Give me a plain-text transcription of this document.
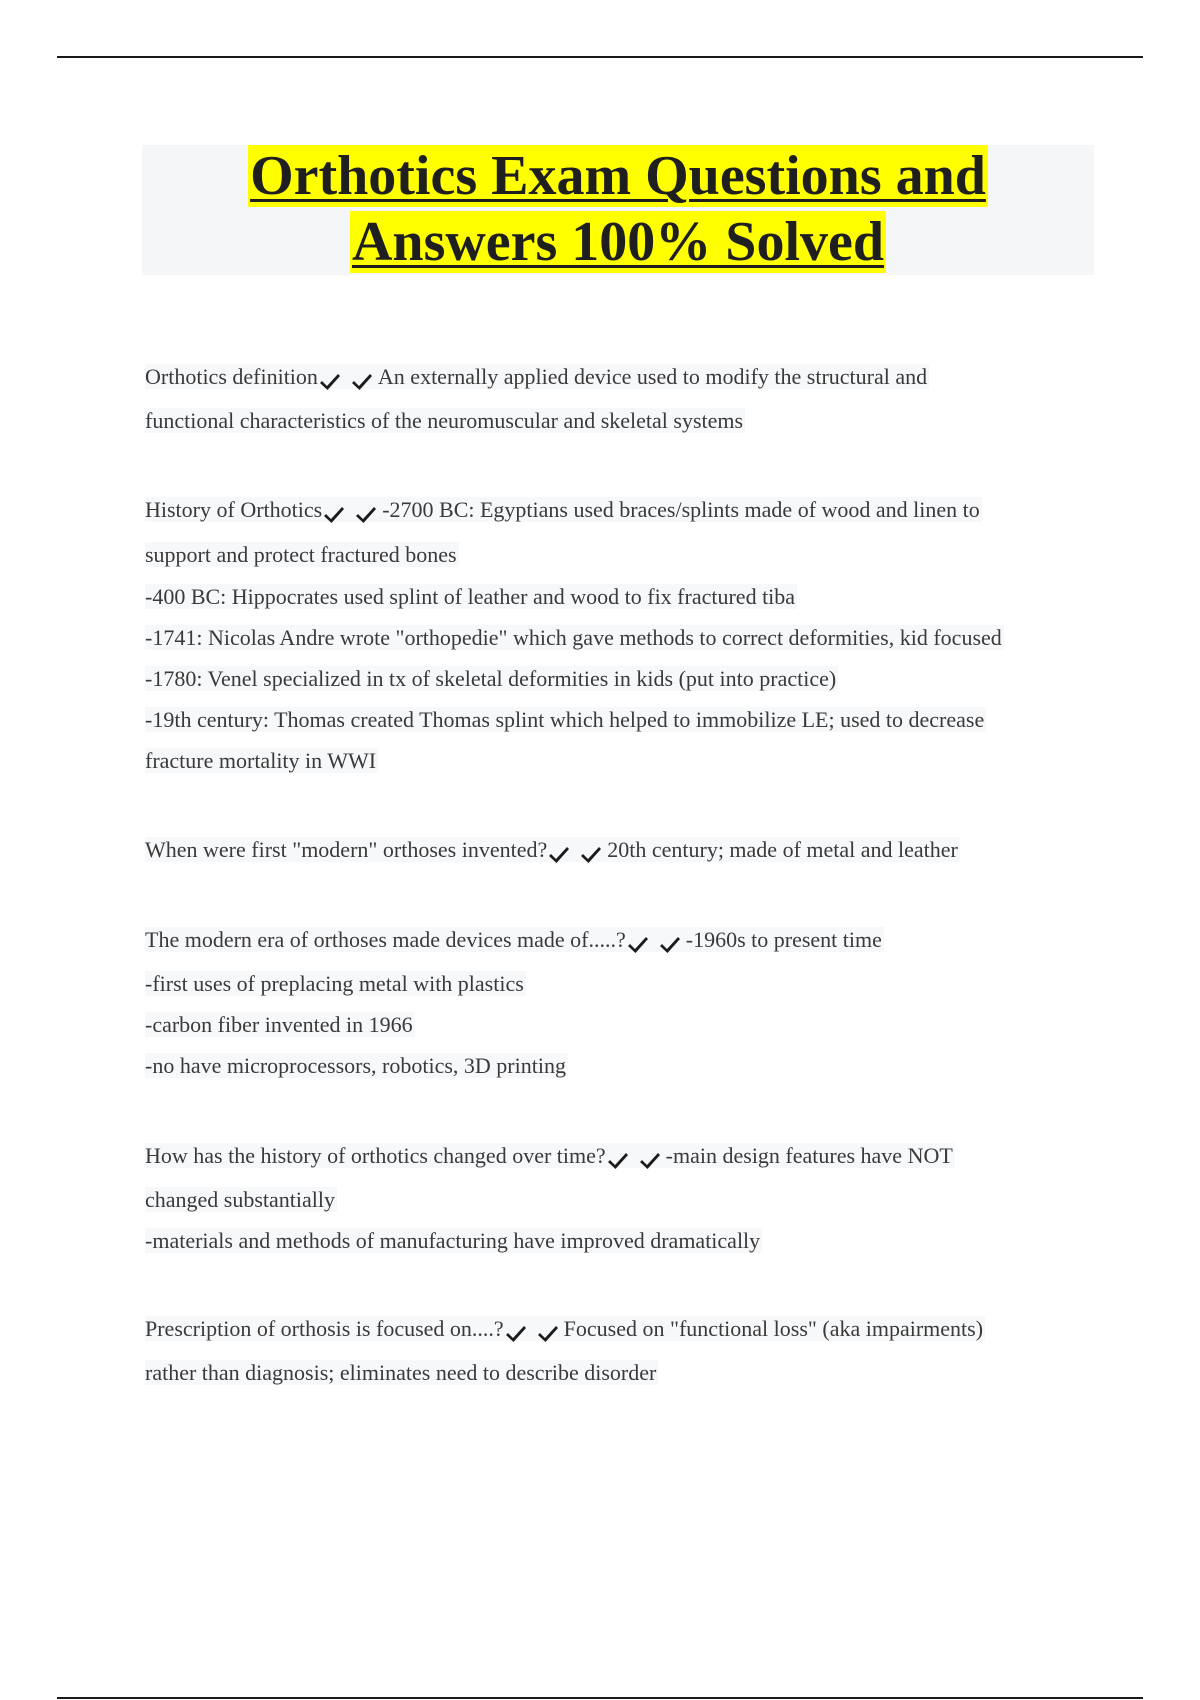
Orthotics Exam Questions and
Answers 100% Solved
Orthotics definition	An externally applied device used to modify the structural and
functional characteristics of the neuromuscular and skeletal systems
History of Orthotics	-2700 BC: Egyptians used braces/splints made of wood and linen to
support and protect fractured bones
-400 BC: Hippocrates used splint of leather and wood to fix fractured tiba
-1741: Nicolas Andre wrote "orthopedie" which gave methods to correct deformities, kid focused
-1780: Venel specialized in tx of skeletal deformities in kids (put into practice)
-19th century: Thomas created Thomas splint which helped to immobilize LE; used to decrease
fracture mortality in WWI
When were first "modern" orthoses invented?	20th century; made of metal and leather
The modern era of orthoses made devices made of.....?	-1960s to present time
-first uses of preplacing metal with plastics
-carbon fiber invented in 1966
-no have microprocessors, robotics, 3D printing
How has the history of orthotics changed over time?	-main design features have NOT
changed substantially
-materials and methods of manufacturing have improved dramatically
Prescription of orthosis is focused on....?	Focused on "functional loss" (aka impairments)
rather than diagnosis; eliminates need to describe disorder
